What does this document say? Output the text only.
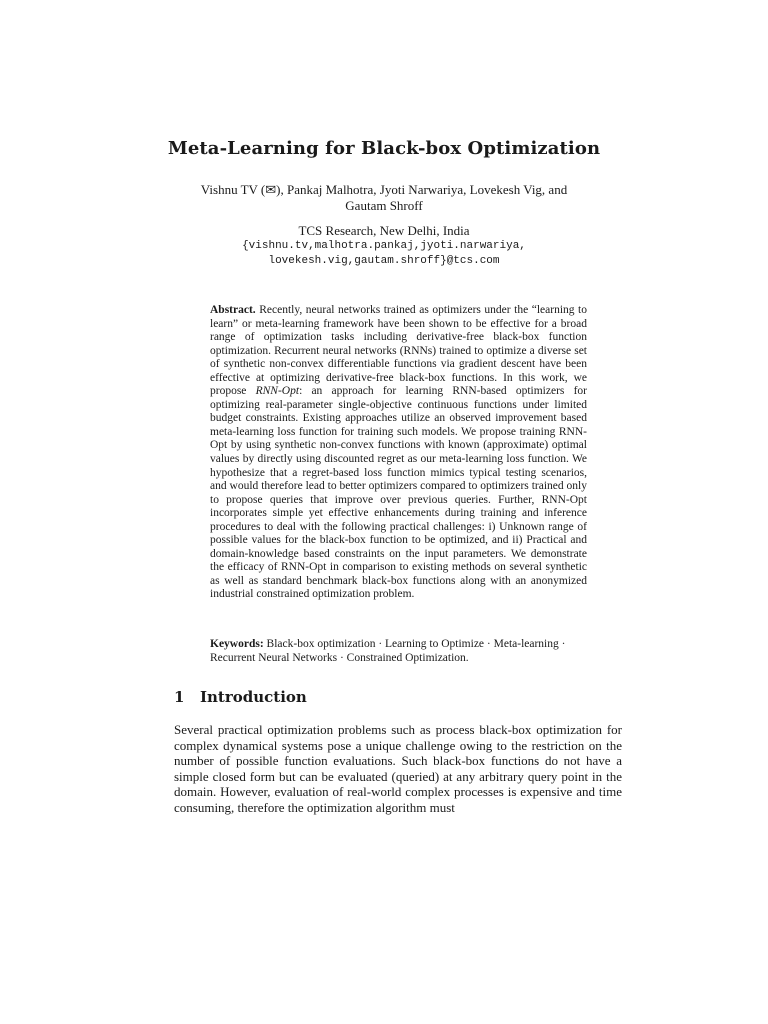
Meta-Learning for Black-box Optimization
Vishnu TV (✉), Pankaj Malhotra, Jyoti Narwariya, Lovekesh Vig, and
Gautam Shroff
TCS Research, New Delhi, India
{vishnu.tv,malhotra.pankaj,jyoti.narwariya,
lovekesh.vig,gautam.shroff}@tcs.com
Abstract. Recently, neural networks trained as optimizers under the “learning to learn” or meta-learning framework have been shown to be effective for a broad range of optimization tasks including derivative-free black-box function optimization. Recurrent neural networks (RNNs) trained to optimize a diverse set of synthetic non-convex differentiable functions via gradient descent have been effective at optimizing derivative-free black-box functions. In this work, we propose RNN-Opt: an approach for learning RNN-based optimizers for optimizing real-parameter single-objective continuous functions under limited budget constraints. Existing approaches utilize an observed improvement based meta-learning loss function for training such models. We propose training RNN-Opt by using synthetic non-convex functions with known (approximate) optimal values by directly using discounted regret as our meta-learning loss function. We hypothesize that a regret-based loss function mimics typical testing scenarios, and would therefore lead to better optimizers compared to optimizers trained only to propose queries that improve over previous queries. Further, RNN-Opt incorporates simple yet effective enhancements during training and inference procedures to deal with the following practical challenges: i) Unknown range of possible values for the black-box function to be optimized, and ii) Practical and domain-knowledge based constraints on the input parameters. We demonstrate the efficacy of RNN-Opt in comparison to existing methods on several synthetic as well as standard benchmark black-box functions along with an anonymized industrial constrained optimization problem.
Keywords: Black-box optimization · Learning to Optimize · Meta-learning · Recurrent Neural Networks · Constrained Optimization.
1 Introduction
Several practical optimization problems such as process black-box optimization for complex dynamical systems pose a unique challenge owing to the restriction on the number of possible function evaluations. Such black-box functions do not have a simple closed form but can be evaluated (queried) at any arbitrary query point in the domain. However, evaluation of real-world complex processes is expensive and time consuming, therefore the optimization algorithm must
